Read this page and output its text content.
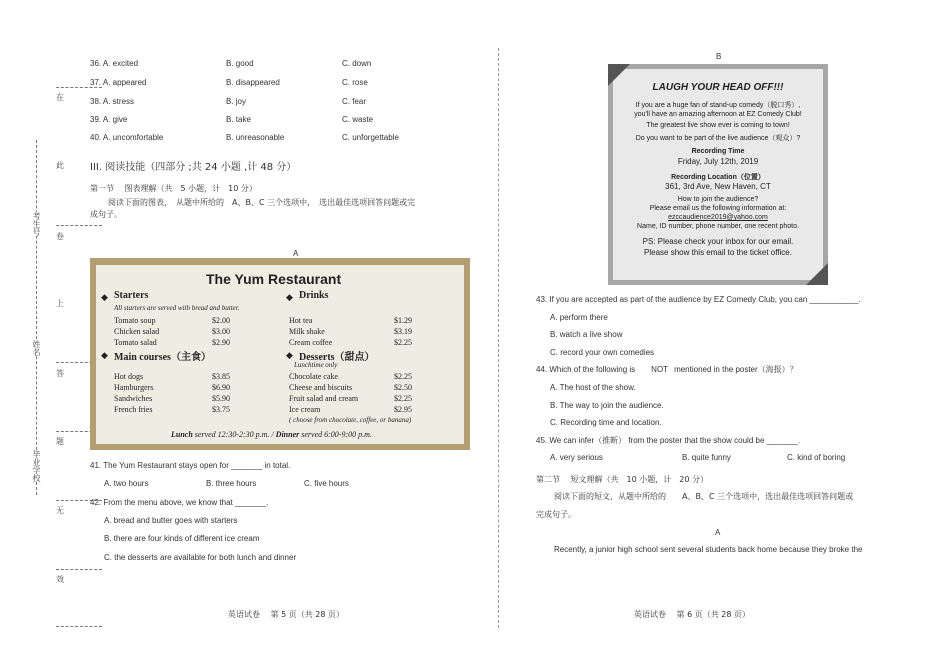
在
此
卷
上
答
题
无
效
考生号
姓名
毕业学校
36. A. excited	B. good	C. down
37. A. appeared	B. disappeared	C. rose
38. A. stress	B. joy	C. fear
39. A. give	B. take	C. waste
40. A. uncomfortable	B. unreasonable	C. unforgettable
III. 阅读技能（四部分 ;共 24 小题 ,计 48 分）
第一节　 图表理解（共　5 小题，计　10 分）
阅读下面的图表，　从题中所给的　A、B、C 三个选项中，　选出最佳选项回答问题或完
成句子。
A
The Yum Restaurant
◆ Starters
All starters are served with bread and butter.
Tomato soup	$2.00
Chicken salad	$3.00
Tomato salad	$2.90
◆ Drinks
Hot tea	$1.29
Milk shake	$3.19
Cream coffee	$2.25
◆ Main courses（主食）
Hot dogs	$3.85
Hamburgers	$6.90
Sandwiches	$5.90
French fries	$3.75
◆ Desserts（甜点）
Lunchtime only
Chocolate cake	$2.25
Cheese and biscuits	$2.50
Fruit salad and cream	$2.25
Ice cream	$2.95
( choose from chocolate, coffee, or banana)
Lunch served 12:30-2:30 p.m. / Dinner served 6:00-9:00 p.m.
41. The Yum Restaurant stays open for _______ in total.
A. two hours	B. three hours	C. five hours
42. From the menu above, we know that _______.
A. bread and butter goes with starters
B. there are four kinds of different ice cream
C. the desserts are available for both lunch and dinner
英语试卷　 第 5 页（共 28 页）
B
LAUGH YOUR HEAD OFF!!!
If you are a huge fan of stand-up comedy（脱口秀）,
you'll have an amazing afternoon at EZ Comedy Club!
The greatest live show ever is coming to town!
Do you want to be part of the live audience（观众）?
Recording Time
Friday, July 12th, 2019
Recording Location（位置）
361, 3rd Ave, New Haven, CT
How to join the audience?
Please email us the following information at:
ezccaudience2019@yahoo.com
Name, ID number, phone number, one recent photo.
PS: Please check your inbox for our email.
Please show this email to the ticket office.
43. If you are accepted as part of the audience by EZ Comedy Club, you can ___________.
A. perform there
B. watch a live show
C. record your own comedies
44. Which of the following is NOT mentioned in the poster（海报）？
A. The host of the show.
B. The way to join the audience.
C. Recording time and location.
45. We can infer（推断） from the poster that the show could be _______.
A. very serious	B. quite funny	C. kind of boring
第二节　 短文理解（共　10 小题，计　20 分）
阅读下面的短文，从题中所给的　　A、B、C 三个选项中，选出最佳选项回答问题或
完成句子。
A
Recently, a junior high school sent several students back home because they broke the
英语试卷　 第 6 页（共 28 页）
